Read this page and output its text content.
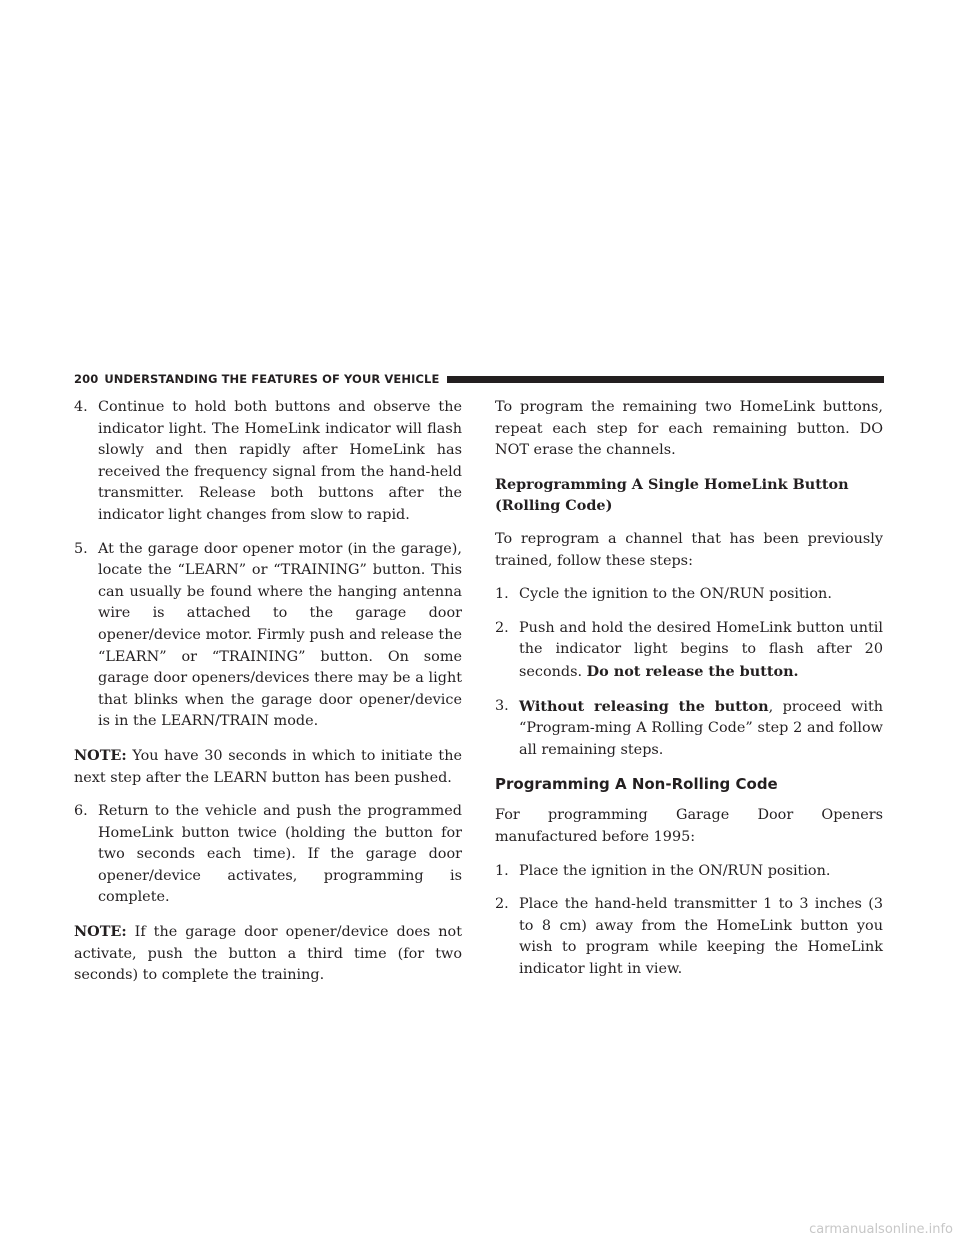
200 UNDERSTANDING THE FEATURES OF YOUR VEHICLE
4. Continue to hold both buttons and observe the indicator light. The HomeLink indicator will flash slowly and then rapidly after HomeLink has received the frequency signal from the hand-held transmitter. Release both buttons after the indicator light changes from slow to rapid.
5. At the garage door opener motor (in the garage), locate the “LEARN” or “TRAINING” button. This can usually be found where the hanging antenna wire is attached to the garage door opener/device motor. Firmly push and release the “LEARN” or “TRAINING” button. On some garage door openers/devices there may be a light that blinks when the garage door opener/device is in the LEARN/TRAIN mode.

NOTE: You have 30 seconds in which to initiate the next step after the LEARN button has been pushed.

6. Return to the vehicle and push the programmed HomeLink button twice (holding the button for two seconds each time). If the garage door opener/device activates, programming is complete.

NOTE: If the garage door opener/device does not activate, push the button a third time (for two seconds) to complete the training.

To program the remaining two HomeLink buttons, repeat each step for each remaining button. DO NOT erase the channels.

Reprogramming A Single HomeLink Button (Rolling Code)

To reprogram a channel that has been previously trained, follow these steps:

1. Cycle the ignition to the ON/RUN position.
2. Push and hold the desired HomeLink button until the indicator light begins to flash after 20 seconds. Do not release the button.
3. Without releasing the button, proceed with “Program-ming A Rolling Code” step 2 and follow all remaining steps.
Programming A Non-Rolling Code

For programming Garage Door Openers manufactured before 1995:

1. Place the ignition in the ON/RUN position.
2. Place the hand-held transmitter 1 to 3 inches (3 to 8 cm) away from the HomeLink button you wish to program while keeping the HomeLink indicator light in view.
carmanualsonline.info
